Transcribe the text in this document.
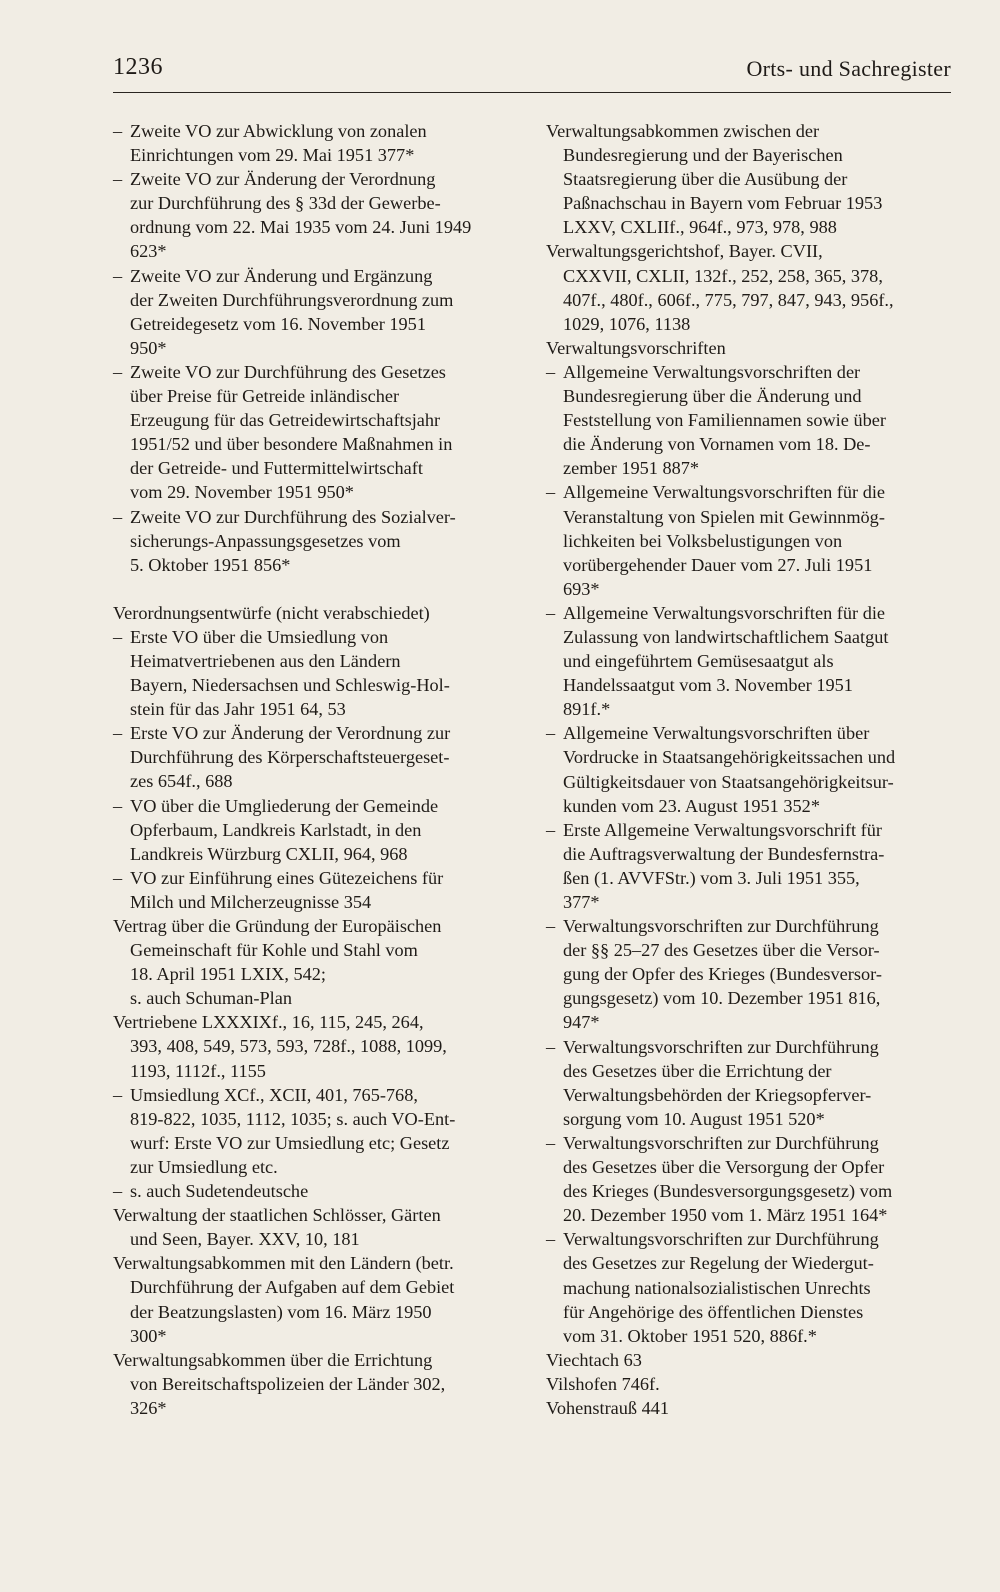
1236	Orts- und Sachregister
– Zweite VO zur Abwicklung von zonalen
Einrichtungen vom 29. Mai 1951 377*
– Zweite VO zur Änderung der Verordnung
zur Durchführung des § 33d der Gewerbe-
ordnung vom 22. Mai 1935 vom 24. Juni 1949
623*
– Zweite VO zur Änderung und Ergänzung
der Zweiten Durchführungsverordnung zum
Getreidegesetz vom 16. November 1951
950*
– Zweite VO zur Durchführung des Gesetzes
über Preise für Getreide inländischer
Erzeugung für das Getreidewirtschaftsjahr
1951/52 und über besondere Maßnahmen in
der Getreide- und Futtermittelwirtschaft
vom 29. November 1951 950*
– Zweite VO zur Durchführung des Sozialver-
sicherungs-Anpassungsgesetzes vom
5. Oktober 1951 856*
Verordnungsentwürfe (nicht verabschiedet)
– Erste VO über die Umsiedlung von
Heimatvertriebenen aus den Ländern
Bayern, Niedersachsen und Schleswig-Hol-
stein für das Jahr 1951 64, 53
– Erste VO zur Änderung der Verordnung zur
Durchführung des Körperschaftsteuergeset-
zes 654f., 688
– VO über die Umgliederung der Gemeinde
Opferbaum, Landkreis Karlstadt, in den
Landkreis Würzburg CXLII, 964, 968
– VO zur Einführung eines Gütezeichens für
Milch und Milcherzeugnisse 354
Vertrag über die Gründung der Europäischen
Gemeinschaft für Kohle und Stahl vom
18. April 1951 LXIX, 542;
s. auch Schuman-Plan
Vertriebene LXXXIXf., 16, 115, 245, 264,
393, 408, 549, 573, 593, 728f., 1088, 1099,
1193, 1112f., 1155
– Umsiedlung XCf., XCII, 401, 765-768,
819-822, 1035, 1112, 1035; s. auch VO-Ent-
wurf: Erste VO zur Umsiedlung etc; Gesetz
zur Umsiedlung etc.
– s. auch Sudetendeutsche
Verwaltung der staatlichen Schlösser, Gärten
und Seen, Bayer. XXV, 10, 181
Verwaltungsabkommen mit den Ländern (betr.
Durchführung der Aufgaben auf dem Gebiet
der Beatzungslasten) vom 16. März 1950
300*
Verwaltungsabkommen über die Errichtung
von Bereitschaftspolizeien der Länder 302,
326*
Verwaltungsabkommen zwischen der
Bundesregierung und der Bayerischen
Staatsregierung über die Ausübung der
Paßnachschau in Bayern vom Februar 1953
LXXV, CXLIIf., 964f., 973, 978, 988
Verwaltungsgerichtshof, Bayer. CVII,
CXXVII, CXLII, 132f., 252, 258, 365, 378,
407f., 480f., 606f., 775, 797, 847, 943, 956f.,
1029, 1076, 1138
Verwaltungsvorschriften
– Allgemeine Verwaltungsvorschriften der
Bundesregierung über die Änderung und
Feststellung von Familiennamen sowie über
die Änderung von Vornamen vom 18. De-
zember 1951 887*
– Allgemeine Verwaltungsvorschriften für die
Veranstaltung von Spielen mit Gewinnmög-
lichkeiten bei Volksbelustigungen von
vorübergehender Dauer vom 27. Juli 1951
693*
– Allgemeine Verwaltungsvorschriften für die
Zulassung von landwirtschaftlichem Saatgut
und eingeführtem Gemüsesaatgut als
Handelssaatgut vom 3. November 1951
891f.*
– Allgemeine Verwaltungsvorschriften über
Vordrucke in Staatsangehörigkeitssachen und
Gültigkeitsdauer von Staatsangehörigkeitsur-
kunden vom 23. August 1951 352*
– Erste Allgemeine Verwaltungsvorschrift für
die Auftragsverwaltung der Bundesfernstra-
ßen (1. AVVFStr.) vom 3. Juli 1951 355,
377*
– Verwaltungsvorschriften zur Durchführung
der §§ 25–27 des Gesetzes über die Versor-
gung der Opfer des Krieges (Bundesversor-
gungsgesetz) vom 10. Dezember 1951 816,
947*
– Verwaltungsvorschriften zur Durchführung
des Gesetzes über die Errichtung der
Verwaltungsbehörden der Kriegsopferver-
sorgung vom 10. August 1951 520*
– Verwaltungsvorschriften zur Durchführung
des Gesetzes über die Versorgung der Opfer
des Krieges (Bundesversorgungsgesetz) vom
20. Dezember 1950 vom 1. März 1951 164*
– Verwaltungsvorschriften zur Durchführung
des Gesetzes zur Regelung der Wiedergut-
machung nationalsozialistischen Unrechts
für Angehörige des öffentlichen Dienstes
vom 31. Oktober 1951 520, 886f.*
Viechtach 63
Vilshofen 746f.
Vohenstrauß 441
